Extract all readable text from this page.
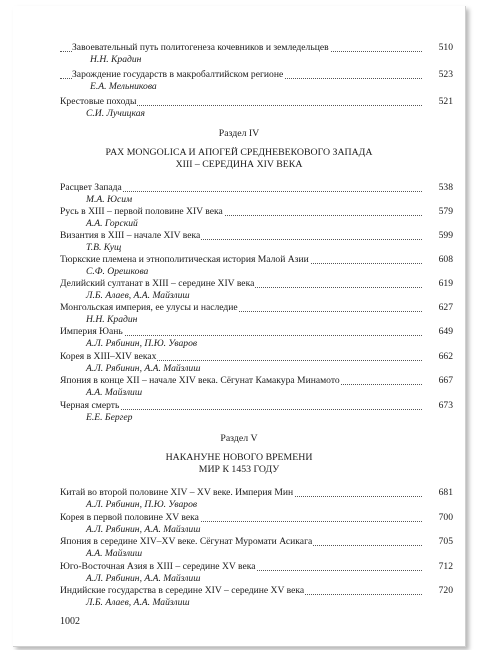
Завоевательный путь политогенеза кочевников и земледельцев	510
Н.Н. Крадин
Зарождение государств в макробалтийском регионе	523
Е.А. Мельникова
Крестовые походы	521
С.И. Лучицкая
Раздел IV
PAX MONGOLICA И АПОГЕЙ СРЕДНЕВЕКОВОГО ЗАПАДА
XIII – СЕРЕДИНА XIV ВЕКА
Расцвет Запада	538
М.А. Юсим
Русь в XIII – первой половине XIV века	579
А.А. Горский
Византия в XIII – начале XIV века	599
Т.В. Кущ
Тюркские племена и этнополитическая история Малой Азии	608
С.Ф. Орешкова
Делийский султанат в XIII – середине XIV века	619
Л.Б. Алаев, А.А. Майзлиш
Монгольская империя, ее улусы и наследие	627
Н.Н. Крадин
Империя Юань	649
А.Л. Рябинин, П.Ю. Уваров
Корея в XIII–XIV веках	662
А.Л. Рябинин, А.А. Майзлиш
Япония в конце XII – начале XIV века. Сёгунат Камакура Минамото	667
А.А. Майзлиш
Черная смерть	673
Е.Е. Бергер
Раздел V
НАКАНУНЕ НОВОГО ВРЕМЕНИ
МИР К 1453 ГОДУ
Китай во второй половине XIV – XV веке. Империя Мин	681
А.Л. Рябинин, П.Ю. Уваров
Корея в первой половине XV века	700
А.Л. Рябинин, А.А. Майзлиш
Япония в середине XIV–XV веке. Сёгунат Муромати Асикага	705
А.А. Майзлиш
Юго-Восточная Азия в XIII – середине XV века	712
А.Л. Рябинин, А.А. Майзлиш
Индийские государства в середине XIV – середине XV века	720
Л.Б. Алаев, А.А. Майзлиш
1002
